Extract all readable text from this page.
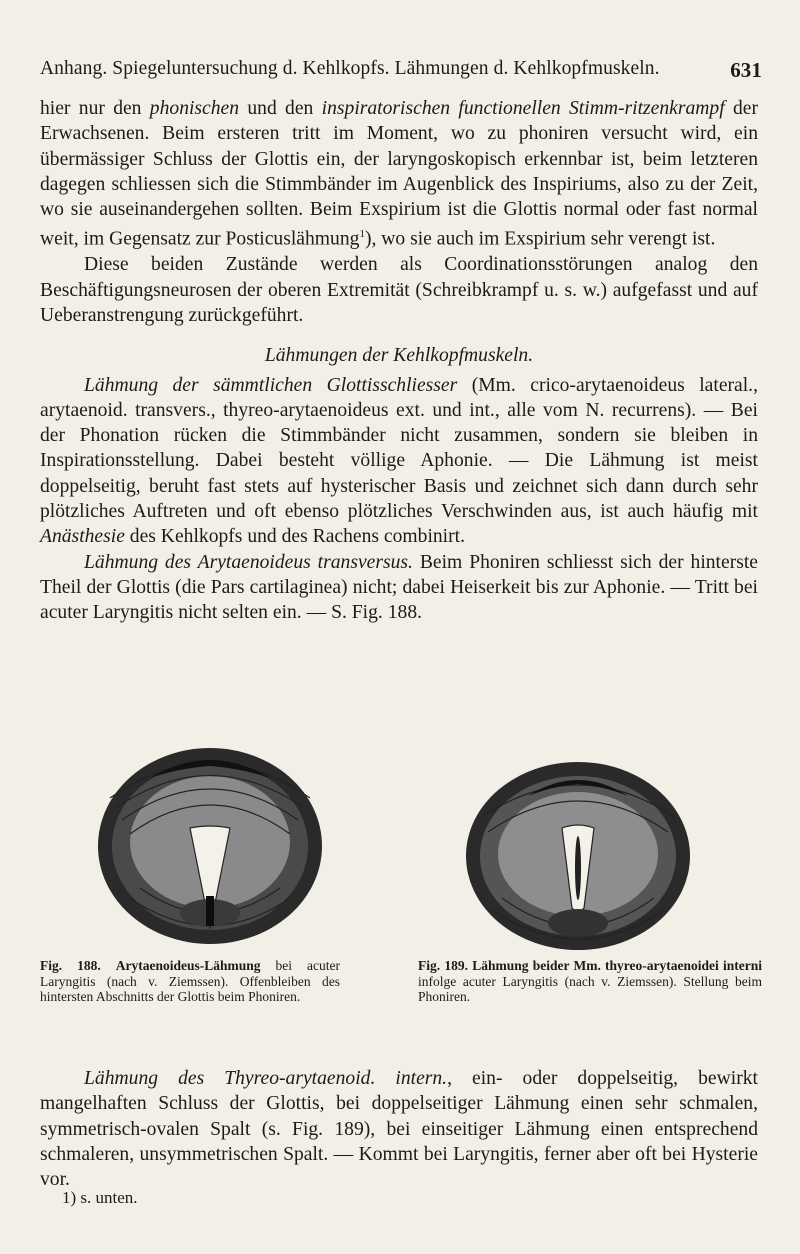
Anhang. Spiegeluntersuchung d. Kehlkopfs. Lähmungen d. Kehlkopfmuskeln.	631

hier nur den phonischen und den inspiratorischen functionellen Stimm-ritzenkrampf der Erwachsenen. Beim ersteren tritt im Moment, wo zu phoniren versucht wird, ein übermässiger Schluss der Glottis ein, der laryngoskopisch erkennbar ist, beim letzteren dagegen schliessen sich die Stimmbänder im Augenblick des Inspiriums, also zu der Zeit, wo sie auseinandergehen sollten. Beim Exspirium ist die Glottis normal oder fast normal weit, im Gegensatz zur Posticuslähmung$^1$), wo sie auch im Exspirium sehr verengt ist.

Diese beiden Zustände werden als Coordinationsstörungen analog den Beschäftigungsneurosen der oberen Extremität (Schreibkrampf u. s. w.) aufgefasst und auf Ueberanstrengung zurückgeführt.

Lähmungen der Kehlkopfmuskeln.

Lähmung der sämmtlichen Glottisschliesser (Mm. crico-arytaenoideus lateral., arytaenoid. transvers., thyreo-arytaenoideus ext. und int., alle vom N. recurrens). — Bei der Phonation rücken die Stimmbänder nicht zusammen, sondern sie bleiben in Inspirationsstellung. Dabei besteht völlige Aphonie. — Die Lähmung ist meist doppelseitig, beruht fast stets auf hysterischer Basis und zeichnet sich dann durch sehr plötzliches Auftreten und oft ebenso plötzliches Verschwinden aus, ist auch häufig mit Anästhesie des Kehlkopfs und des Rachens combinirt.

Lähmung des Arytaenoideus transversus. Beim Phoniren schliesst sich der hinterste Theil der Glottis (die Pars cartilaginea) nicht; dabei Heiserkeit bis zur Aphonie. — Tritt bei acuter Laryngitis nicht selten ein. — S. Fig. 188.

Fig. 188. Arytaenoideus-Lähmung bei acuter Laryngitis (nach v. Ziemssen). Offenbleiben des hintersten Abschnitts der Glottis beim Phoniren.
Fig. 189. Lähmung beider Mm. thyreo-arytaenoidei interni infolge acuter Laryngitis (nach v. Ziemssen). Stellung beim Phoniren.

Lähmung des Thyreo-arytaenoid. intern., ein- oder doppelseitig, bewirkt mangelhaften Schluss der Glottis, bei doppelseitiger Lähmung einen sehr schmalen, symmetrisch-ovalen Spalt (s. Fig. 189), bei einseitiger Lähmung einen entsprechend schmaleren, unsymmetrischen Spalt. — Kommt bei Laryngitis, ferner aber oft bei Hysterie vor.

1) s. unten.
